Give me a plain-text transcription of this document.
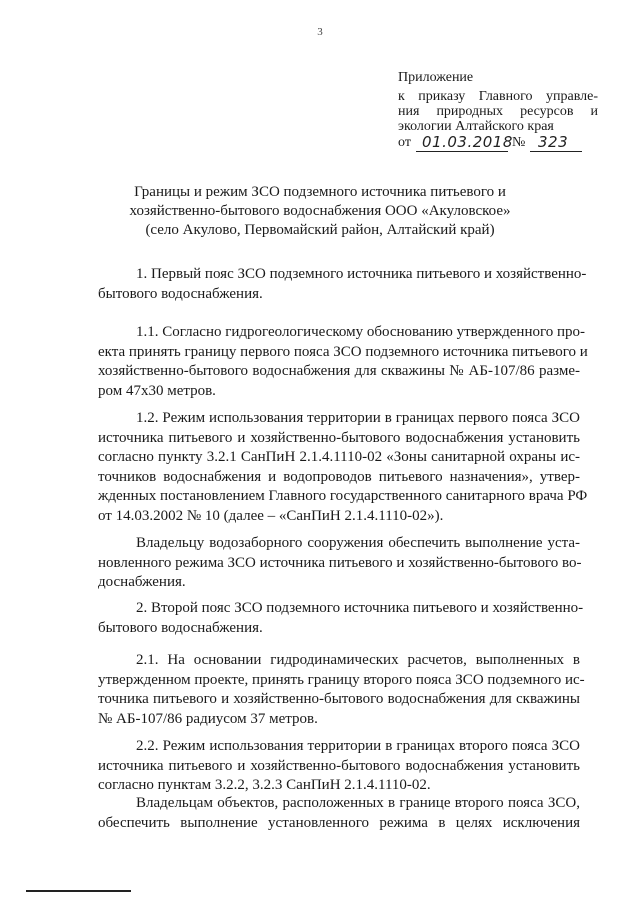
3
Приложение
к приказу Главного управле-
ния природных ресурсов и
экологии Алтайского края
от 01.03.2018 № 323
Границы и режим ЗСО подземного источника питьевого и
хозяйственно-бытового водоснабжения ООО «Акуловское»
(село Акулово, Первомайский район, Алтайский край)
1. Первый пояс ЗСО подземного источника питьевого и хозяйственно-
бытового водоснабжения.
1.1. Согласно гидрогеологическому обоснованию утвержденного про-
екта принять границу первого пояса ЗСО подземного источника питьевого и
хозяйственно-бытового водоснабжения для скважины № АБ-107/86 разме-
ром 47х30 метров.
1.2. Режим использования территории в границах первого пояса ЗСО
источника питьевого и хозяйственно-бытового водоснабжения установить
согласно пункту 3.2.1 СанПиН 2.1.4.1110-02 «Зоны санитарной охраны ис-
точников водоснабжения и водопроводов питьевого назначения», утвер-
жденных постановлением Главного государственного санитарного врача РФ
от 14.03.2002 № 10 (далее – «СанПиН 2.1.4.1110-02»).
Владельцу водозаборного сооружения обеспечить выполнение уста-
новленного режима ЗСО источника питьевого и хозяйственно-бытового во-
доснабжения.
2. Второй пояс ЗСО подземного источника питьевого и хозяйственно-
бытового водоснабжения.
2.1. На основании гидродинамических расчетов, выполненных в
утвержденном проекте, принять границу второго пояса ЗСО подземного ис-
точника питьевого и хозяйственно-бытового водоснабжения для скважины
№ АБ-107/86 радиусом 37 метров.
2.2. Режим использования территории в границах второго пояса ЗСО
источника питьевого и хозяйственно-бытового водоснабжения установить
согласно пунктам 3.2.2, 3.2.3 СанПиН 2.1.4.1110-02.
Владельцам объектов, расположенных в границе второго пояса ЗСО,
обеспечить выполнение установленного режима в целях исключения
